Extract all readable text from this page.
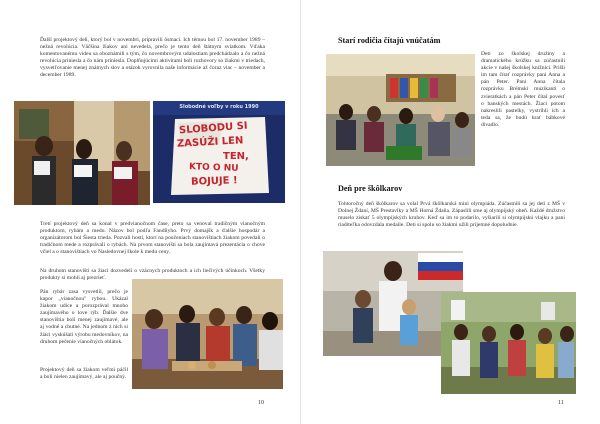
Ďalší projektový deň, ktorý bol v novembri, pripravili ôsmaci. Ich témou bol 17. november 1989 – nežná revolúcia. Väčšina žiakov ani nevedela, prečo je tento deň štátnym sviatkom. Vďaka komentovanému videu sa oboznámili s tým, čo novembrovým udalostiam predchádzalo a čo nežná revolúcia priniesla a čo nám priniesla. Doplňujúcimi aktivitami boli rozhovory so žiakmi v triedach, vysvetľovanie menej známych slov a otázok vyrovnila naše informácie až čoraz viac – november a december 1989.
Slobodné voľby v roku 1990
SLOBODU SI
ZASÚŽI LEN
TEN,
KTO O NU
BOJUJE !
Tretí projektový deň sa konal v predvianočnom čase, preto sa venoval tradičným vianočným produktom, rybám a medu. Názov bol podľa Fandílyho. Prvý domajšk a ďalšie hospodár a organizátorom bol Šiesta trieda. Pozvali hostí, ktorí na poučeniach stanovištiach žiakom povedali o tradičnom mede a rozprávali o rybách. Na prvom stanovišti sa bola zaujímavá prezentácia o chove včiel a o stanovištiach vo Nasledovnej škole k medu ceny.
Na druhom stanovišti sa žiaci dozvedeli o vzácnych produktoch a ich liečivých účinkoch. Všetky produkty si mohli aj prezrieť.
Pán rybár zasa vysvetlil, prečo je kapor „vianočnou" rybou. Ukázal žiakom udice a porozprával mnoho zaujímavého o love rýb. Ďalšie dve stanovištia boli menej zaujímavé, ale aj vodné a chutné. Na jednom z nich si žiaci vyskúšali výrobu medovníkov, na druhom pečenie vianočných oblátok.
Projektový deň sa žiakom veľmi páčil a boli nielen zaujímavý, ale aj poučný.
10
Starí rodičia čítajú vnúčatám
Deti zo školskej družiny a dramatického krúžku sa zúčastnili akcie v našej školskej knižnici. Prišli im tam čítať rozprávky pani Anna a pán Peter. Pani Anna čítala rozprávku Brémskí muzikanti o zvieratkách a pán Peter čítal povesť o banských mestách. Žiaci potom nakreslili pastelky, vystrihli ich a teda sa, že budú hrať bábkové divadlo.
Deň pre škôlkarov
Tohtoročný deň škôlkarov sa volal Prvá škôlkarská mini olympiáda. Zúčastnili sa jej deti z MŠ v Dolnej Ždaní, MŠ Prestavlky a MŠ Horná Ždaňa. Zápaslili sme aj olympijský oheň. Každé družstvo muselo získať 5 olympijských kruhov. Keď sa im to podarilo, vyšiarili si olympijskú vlajku a pani riaditeľka odovzdala medaile. Deti si spolu so žiakmi užili príjemné dopoludnie.
11
